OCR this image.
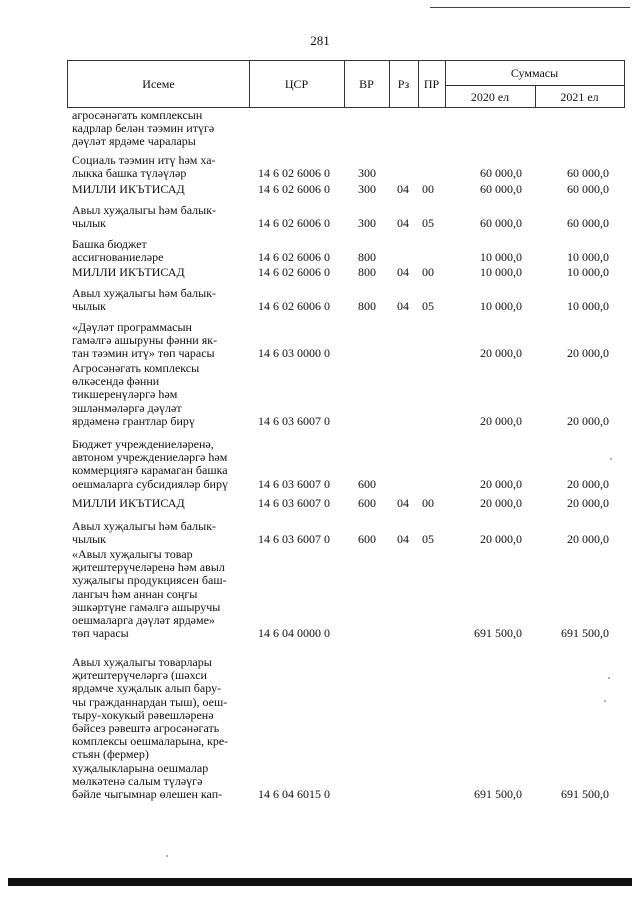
281
Исеме	ЦСР	ВР	Рз	ПР
Суммасы
2020 ел	2021 ел
агросәнәгать комплексын
кадрлар белән тәэмин итүгә
дәүләт ярдәме чаралары
Социаль тәэмин итү һәм ха-
лыкка башка түләүләр	14 6 02 6006 0 300	60 000,0	60 000,0
МИЛЛИ ИКЪТИСАД	14 6 02 6006 0 300 04 00	60 000,0	60 000,0
Авыл хуҗалыгы һәм балык-
чылык	14 6 02 6006 0 300 04 05	60 000,0	60 000,0
Башка бюджет
ассигнованиеләре	14 6 02 6006 0 800	10 000,0	10 000,0
МИЛЛИ ИКЪТИСАД	14 6 02 6006 0 800 04 00	10 000,0	10 000,0
Авыл хуҗалыгы һәм балык-
чылык	14 6 02 6006 0 800 04 05	10 000,0	10 000,0
«Дәүләт программасын
гамәлгә ашыруны фәнни як-
тан тәэмин итү» төп чарасы	14 6 03 0000 0	20 000,0	20 000,0
Агросәнәгать комплексы
өлкәсендә фәнни
тикшеренүләргә һәм
эшләнмәләргә дәүләт
ярдәменә грантлар бирү	14 6 03 6007 0	20 000,0	20 000,0
Бюджет учреждениеләренә,
автоном учреждениеләргә һәм
коммерциягә карамаган башка
оешмаларга субсидияләр бирү	14 6 03 6007 0 600	20 000,0	20 000,0
МИЛЛИ ИКЪТИСАД	14 6 03 6007 0 600 04 00	20 000,0	20 000,0
Авыл хуҗалыгы һәм балык-
чылык	14 6 03 6007 0 600 04 05	20 000,0	20 000,0
«Авыл хуҗалыгы товар
җитештерүчеләренә һәм авыл
хуҗалыгы продукциясен баш-
лангыч һәм аннан соңгы
эшкәртүне гамәлгә ашыручы
оешмаларга дәүләт ярдәме»
төп чарасы	14 6 04 0000 0	691 500,0	691 500,0
Авыл хуҗалыгы товарлары
җитештерүчеләргә (шәхси
ярдәмче хуҗалык алып бару-
чы гражданнардан тыш), оеш-
тыру-хокукый рәвешләренә
бәйсез рәвештә агросәнәгать
комплексы оешмаларына, кре-
стьян (фермер)
хуҗалыкларына оешмалар
мөлкәтенә салым түләүгә
бәйле чыгымнар өлешен кап-	14 6 04 6015 0	691 500,0	691 500,0
